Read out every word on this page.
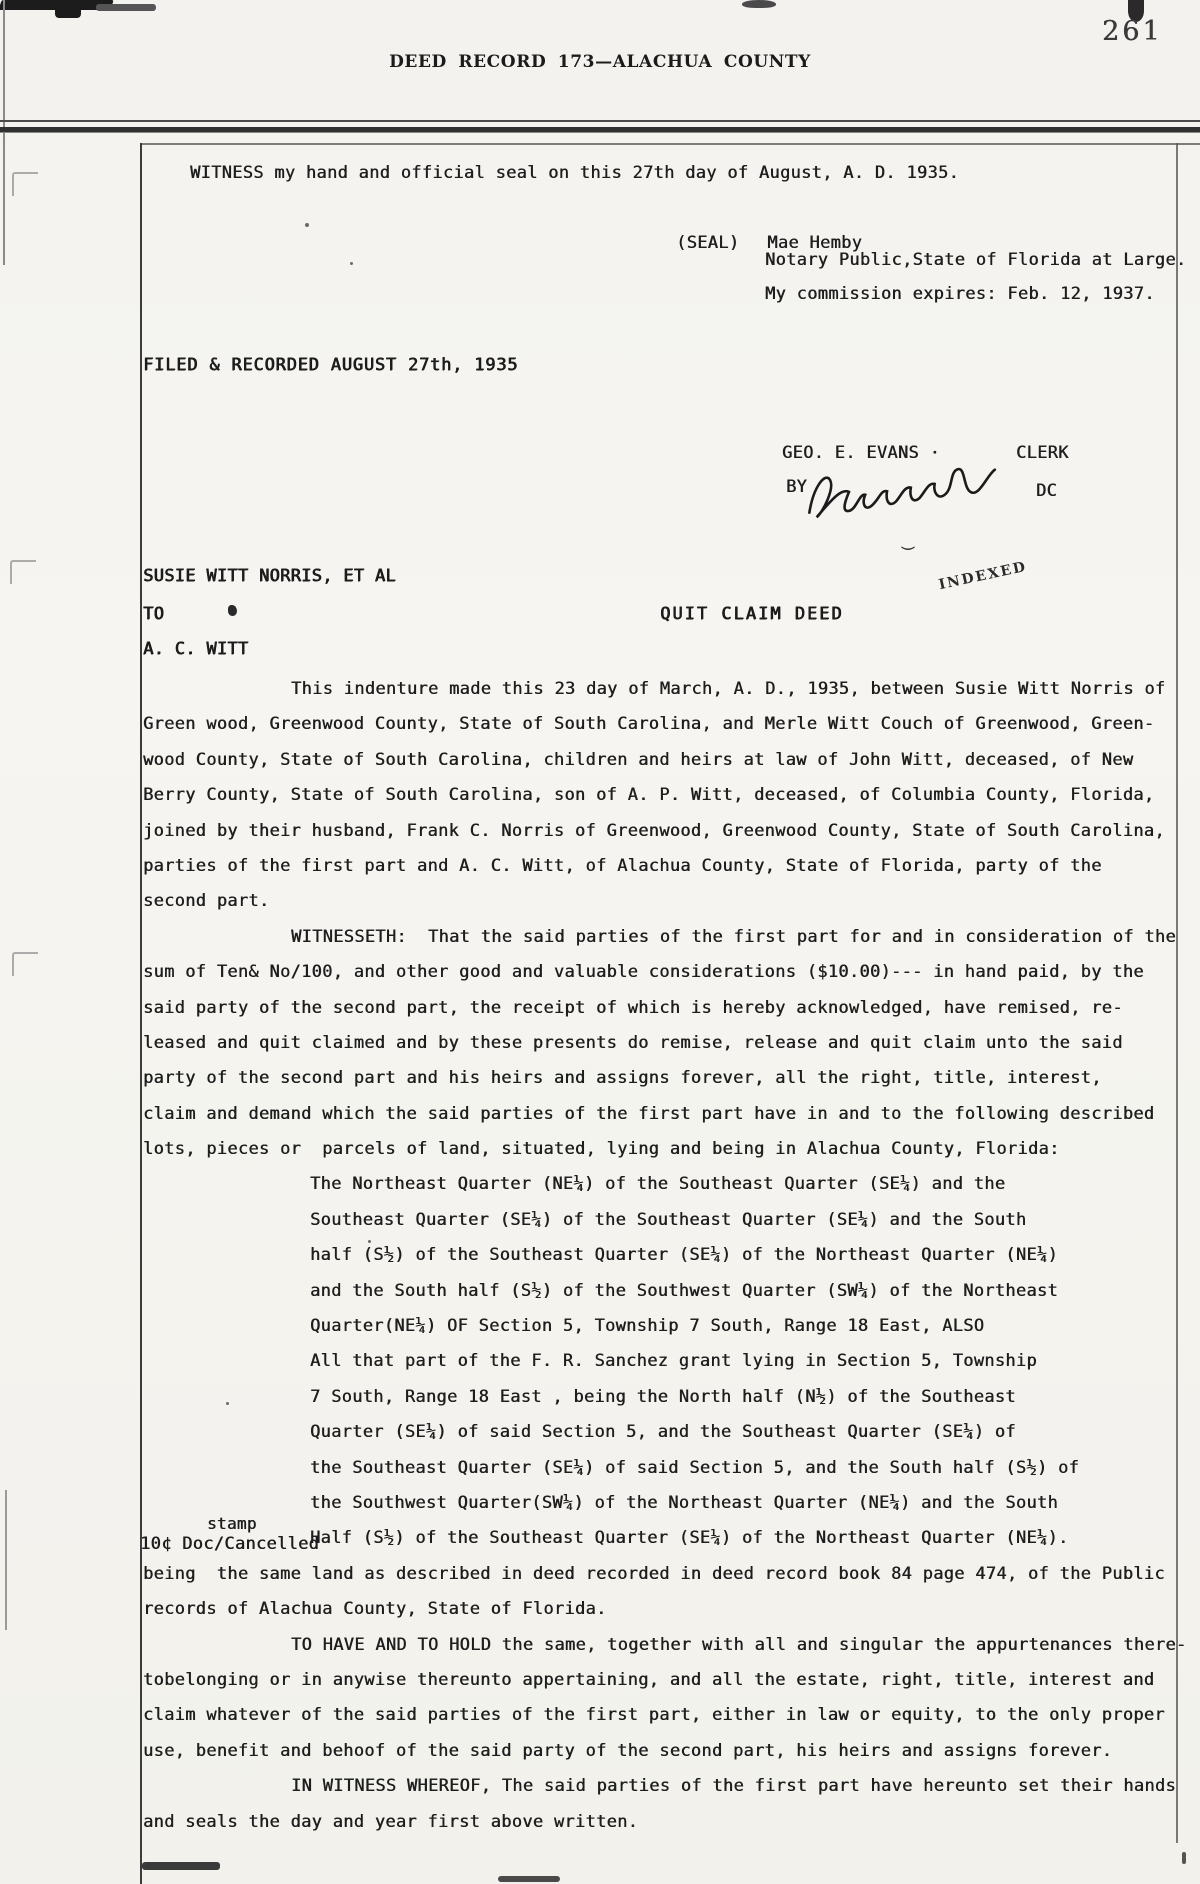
261
DEED RECORD 173—ALACHUA COUNTY
WITNESS my hand and official seal on this 27th day of August, A. D. 1935.

(SEAL) Mae Hemby

Notary Public,State of Florida at Large.
My commission expires: Feb. 12, 1937.
FILED & RECORDED AUGUST 27th, 1935
GEO. E. EVANS ·	CLERK
BY	DC
‿
SUSIE WITT NORRIS, ET AL	INDEXED
TO	QUIT CLAIM DEED
A. C. WITT
This indenture made this 23 day of March, A. D., 1935, between Susie Witt Norris of
Green wood, Greenwood County, State of South Carolina, and Merle Witt Couch of Greenwood, Green-
wood County, State of South Carolina, children and heirs at law of John Witt, deceased, of New
Berry County, State of South Carolina, son of A. P. Witt, deceased, of Columbia County, Florida,
joined by their husband, Frank C. Norris of Greenwood, Greenwood County, State of South Carolina,
parties of the first part and A. C. Witt, of Alachua County, State of Florida, party of the
second part.
WITNESSETH:  That the said parties of the first part for and in consideration of the
sum of Ten& No/100, and other good and valuable considerations ($10.00)--- in hand paid, by the
said party of the second part, the receipt of which is hereby acknowledged, have remised, re-
leased and quit claimed and by these presents do remise, release and quit claim unto the said
party of the second part and his heirs and assigns forever, all the right, title, interest,
claim and demand which the said parties of the first part have in and to the following described
lots, pieces or  parcels of land, situated, lying and being in Alachua County, Florida:
The Northeast Quarter (NE¼) of the Southeast Quarter (SE¼) and the
Southeast Quarter (SE¼) of the Southeast Quarter (SE¼) and the South
half (S½) of the Southeast Quarter (SE¼) of the Northeast Quarter (NE¼)
and the South half (S½) of the Southwest Quarter (SW¼) of the Northeast
Quarter(NE¼) OF Section 5, Township 7 South, Range 18 East, ALSO
All that part of the F. R. Sanchez grant lying in Section 5, Township
7 South, Range 18 East , being the North half (N½) of the Southeast
Quarter (SE¼) of said Section 5, and the Southeast Quarter (SE¼) of
the Southeast Quarter (SE¼) of said Section 5, and the South half (S½) of
the Southwest Quarter(SW¼) of the Northeast Quarter (NE¼) and the South
Half (S½) of the Southeast Quarter (SE¼) of the Northeast Quarter (NE¼).
being  the same land as described in deed recorded in deed record book 84 page 474, of the Public
records of Alachua County, State of Florida.
TO HAVE AND TO HOLD the same, together with all and singular the appurtenances there-
tobelonging or in anywise thereunto appertaining, and all the estate, right, title, interest and
claim whatever of the said parties of the first part, either in law or equity, to the only proper
use, benefit and behoof of the said party of the second part, his heirs and assigns forever.
IN WITNESS WHEREOF, The said parties of the first part have hereunto set their hands
and seals the day and year first above written.
stamp
10¢ Doc/Cancelled
